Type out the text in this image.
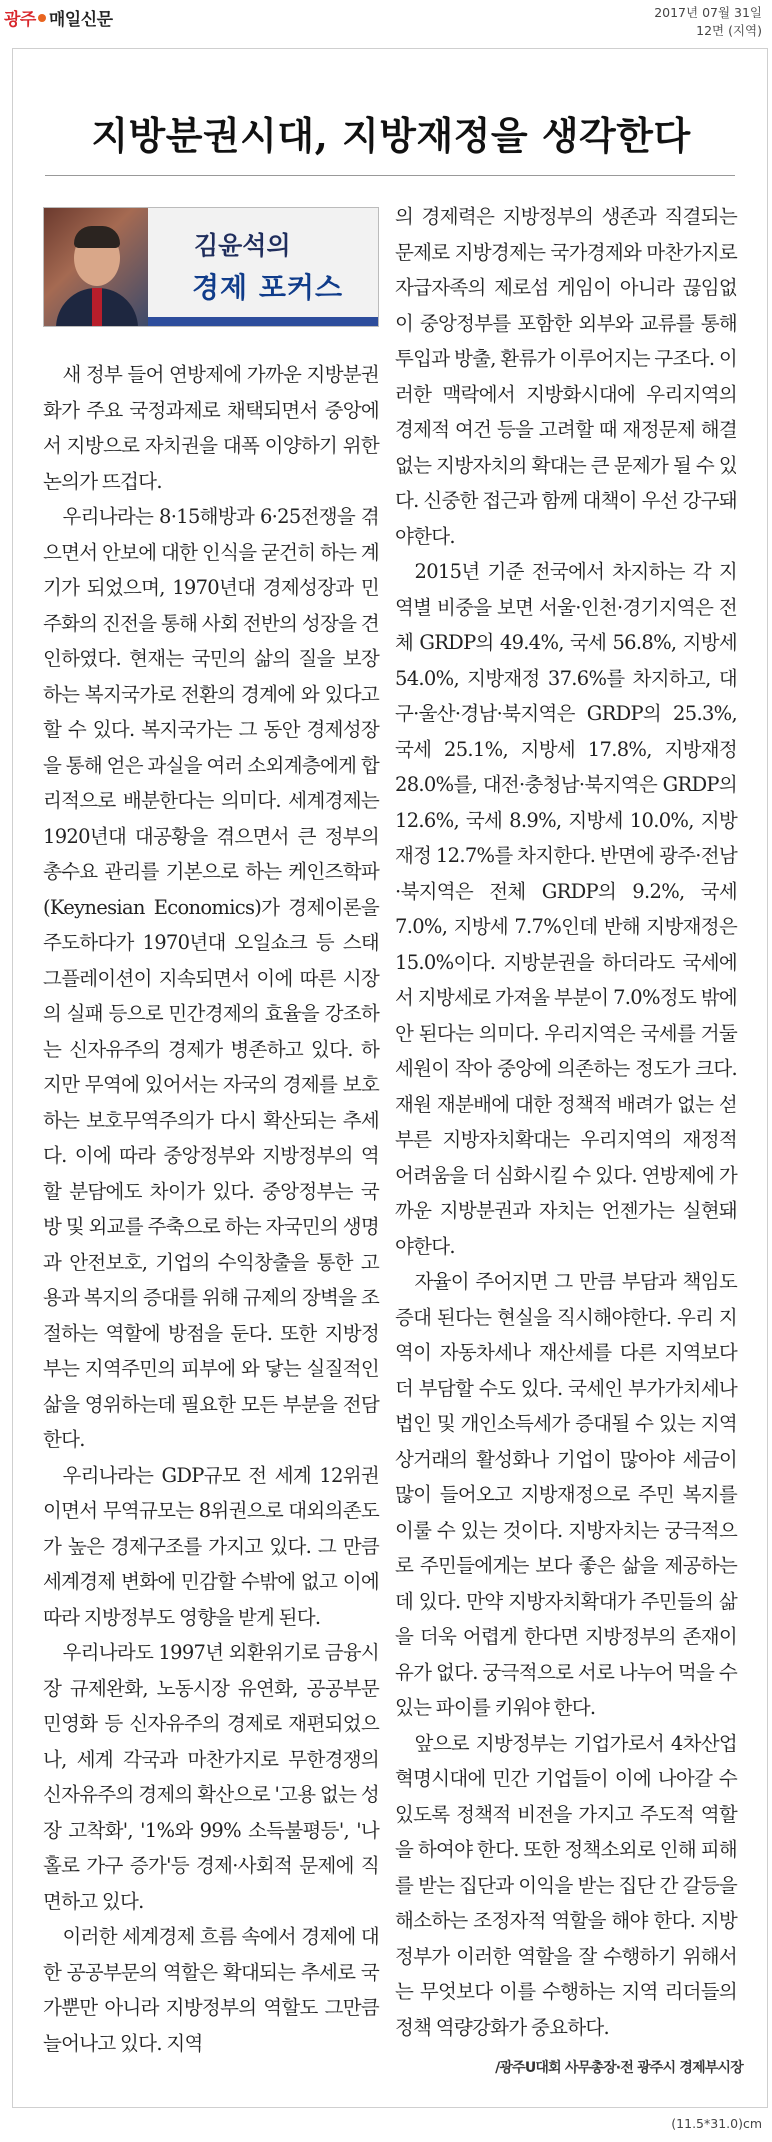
광주 매일신문	2017년 07월 31일
12면 (지역)
지방분권시대, 지방재정을 생각한다
김윤석의
경제 포커스

새 정부 들어 연방제에 가까운 지방분권화가 주요 국정과제로 채택되면서 중앙에서 지방으로 자치권을 대폭 이양하기 위한 논의가 뜨겁다.

우리나라는 8·15해방과 6·25전쟁을 겪으면서 안보에 대한 인식을 굳건히 하는 계기가 되었으며, 1970년대 경제성장과 민주화의 진전을 통해 사회 전반의 성장을 견인하였다. 현재는 국민의 삶의 질을 보장하는 복지국가로 전환의 경계에 와 있다고 할 수 있다. 복지국가는 그 동안 경제성장을 통해 얻은 과실을 여러 소외계층에게 합리적으로 배분한다는 의미다. 세계경제는 1920년대 대공황을 겪으면서 큰 정부의 총수요 관리를 기본으로 하는 케인즈학파(Keynesian Economics)가 경제이론을 주도하다가 1970년대 오일쇼크 등 스태그플레이션이 지속되면서 이에 따른 시장의 실패 등으로 민간경제의 효율을 강조하는 신자유주의 경제가 병존하고 있다. 하지만 무역에 있어서는 자국의 경제를 보호하는 보호무역주의가 다시 확산되는 추세다. 이에 따라 중앙정부와 지방정부의 역할 분담에도 차이가 있다. 중앙정부는 국방 및 외교를 주축으로 하는 자국민의 생명과 안전보호, 기업의 수익창출을 통한 고용과 복지의 증대를 위해 규제의 장벽을 조절하는 역할에 방점을 둔다. 또한 지방정부는 지역주민의 피부에 와 닿는 실질적인 삶을 영위하는데 필요한 모든 부분을 전담한다.

우리나라는 GDP규모 전 세계 12위권이면서 무역규모는 8위권으로 대외의존도가 높은 경제구조를 가지고 있다. 그 만큼 세계경제 변화에 민감할 수밖에 없고 이에 따라 지방정부도 영향을 받게 된다.

우리나라도 1997년 외환위기로 금융시장 규제완화, 노동시장 유연화, 공공부문 민영화 등 신자유주의 경제로 재편되었으나, 세계 각국과 마찬가지로 무한경쟁의 신자유주의 경제의 확산으로 '고용 없는 성장 고착화', '1%와 99% 소득불평등', '나홀로 가구 증가'등 경제·사회적 문제에 직면하고 있다.

이러한 세계경제 흐름 속에서 경제에 대한 공공부문의 역할은 확대되는 추세로 국가뿐만 아니라 지방정부의 역할도 그만큼 늘어나고 있다. 지역

의 경제력은 지방정부의 생존과 직결되는 문제로 지방경제는 국가경제와 마찬가지로 자급자족의 제로섬 게임이 아니라 끊임없이 중앙정부를 포함한 외부와 교류를 통해 투입과 방출, 환류가 이루어지는 구조다. 이러한 맥락에서 지방화시대에 우리지역의 경제적 여건 등을 고려할 때 재정문제 해결 없는 지방자치의 확대는 큰 문제가 될 수 있다. 신중한 접근과 함께 대책이 우선 강구돼야한다.

2015년 기준 전국에서 차지하는 각 지역별 비중을 보면 서울·인천·경기지역은 전체 GRDP의 49.4%, 국세 56.8%, 지방세 54.0%, 지방재정 37.6%를 차지하고, 대구·울산·경남·북지역은 GRDP의 25.3%, 국세 25.1%, 지방세 17.8%, 지방재정 28.0%를, 대전·충청남·북지역은 GRDP의 12.6%, 국세 8.9%, 지방세 10.0%, 지방재정 12.7%를 차지한다. 반면에 광주·전남·북지역은 전체 GRDP의 9.2%, 국세 7.0%, 지방세 7.7%인데 반해 지방재정은 15.0%이다. 지방분권을 하더라도 국세에서 지방세로 가져올 부분이 7.0%정도 밖에 안 된다는 의미다. 우리지역은 국세를 거둘 세원이 작아 중앙에 의존하는 정도가 크다. 재원 재분배에 대한 정책적 배려가 없는 섣부른 지방자치확대는 우리지역의 재정적 어려움을 더 심화시킬 수 있다. 연방제에 가까운 지방분권과 자치는 언젠가는 실현돼야한다.

자율이 주어지면 그 만큼 부담과 책임도 증대 된다는 현실을 직시해야한다. 우리 지역이 자동차세나 재산세를 다른 지역보다 더 부담할 수도 있다. 국세인 부가가치세나 법인 및 개인소득세가 증대될 수 있는 지역 상거래의 활성화나 기업이 많아야 세금이 많이 들어오고 지방재정으로 주민 복지를 이룰 수 있는 것이다. 지방자치는 궁극적으로 주민들에게는 보다 좋은 삶을 제공하는데 있다. 만약 지방자치확대가 주민들의 삶을 더욱 어렵게 한다면 지방정부의 존재이유가 없다. 궁극적으로 서로 나누어 먹을 수 있는 파이를 키워야 한다.

앞으로 지방정부는 기업가로서 4차산업혁명시대에 민간 기업들이 이에 나아갈 수 있도록 정책적 비전을 가지고 주도적 역할을 하여야 한다. 또한 정책소외로 인해 피해를 받는 집단과 이익을 받는 집단 간 갈등을 해소하는 조정자적 역할을 해야 한다. 지방정부가 이러한 역할을 잘 수행하기 위해서는 무엇보다 이를 수행하는 지역 리더들의 정책 역량강화가 중요하다.

/광주U대회 사무총장·전 광주시 경제부시장
(11.5*31.0)cm
